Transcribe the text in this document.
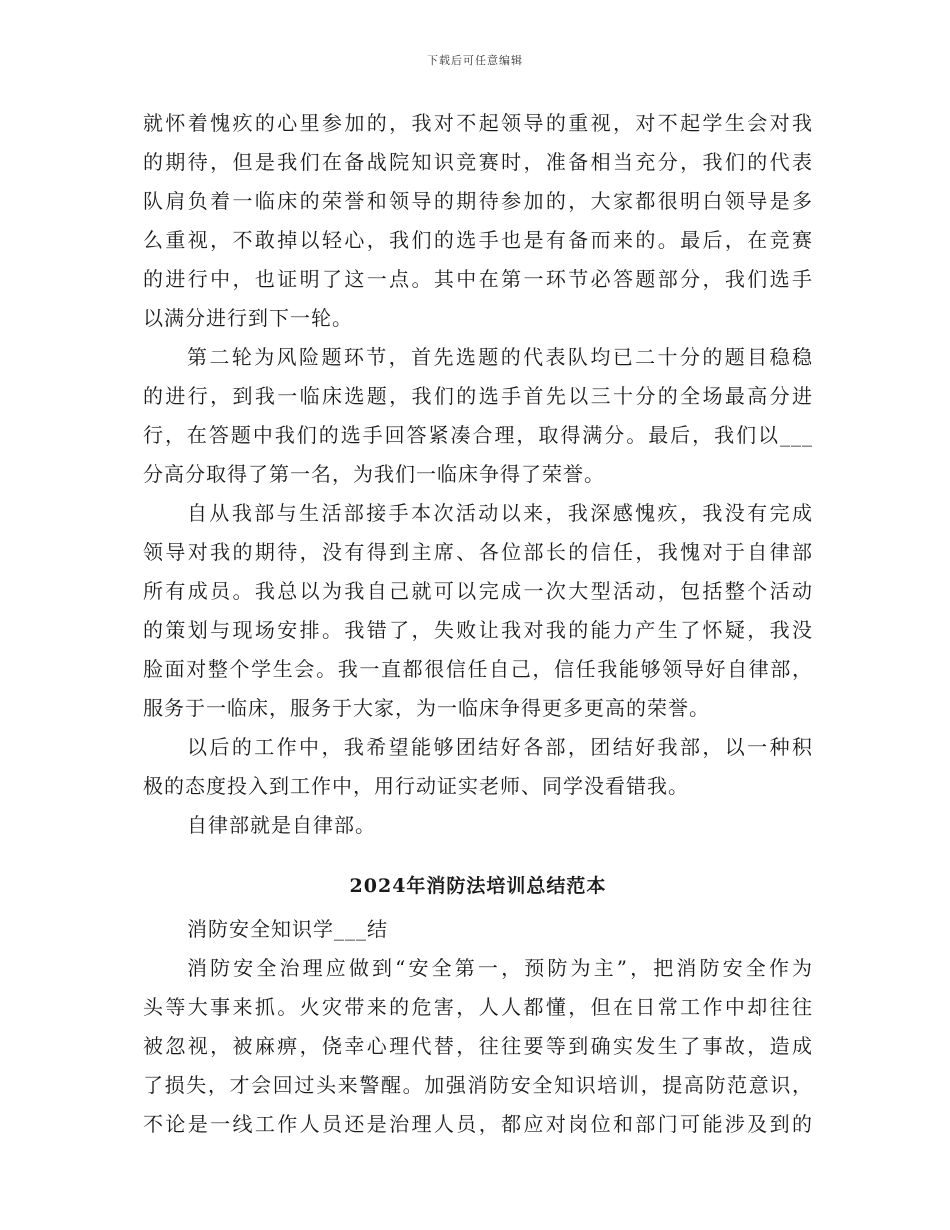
下载后可任意编辑
就怀着愧疚的心里参加的，我对不起领导的重视，对不起学生会对我
的期待，但是我们在备战院知识竞赛时，准备相当充分，我们的代表
队肩负着一临床的荣誉和领导的期待参加的，大家都很明白领导是多
么重视，不敢掉以轻心，我们的选手也是有备而来的。最后，在竞赛
的进行中，也证明了这一点。其中在第一环节必答题部分，我们选手
以满分进行到下一轮。
第二轮为风险题环节，首先选题的代表队均已二十分的题目稳稳
的进行，到我一临床选题，我们的选手首先以三十分的全场最高分进
行，在答题中我们的选手回答紧凑合理，取得满分。最后，我们以___
分高分取得了第一名，为我们一临床争得了荣誉。
自从我部与生活部接手本次活动以来，我深感愧疚，我没有完成
领导对我的期待，没有得到主席、各位部长的信任，我愧对于自律部
所有成员。我总以为我自己就可以完成一次大型活动，包括整个活动
的策划与现场安排。我错了，失败让我对我的能力产生了怀疑，我没
脸面对整个学生会。我一直都很信任自己，信任我能够领导好自律部，
服务于一临床，服务于大家，为一临床争得更多更高的荣誉。
以后的工作中，我希望能够团结好各部，团结好我部，以一种积
极的态度投入到工作中，用行动证实老师、同学没看错我。
自律部就是自律部。
2024年消防法培训总结范本
消防安全知识学___结
消防安全治理应做到“安全第一，预防为主”，把消防安全作为
头等大事来抓。火灾带来的危害，人人都懂，但在日常工作中却往往
被忽视，被麻痹，侥幸心理代替，往往要等到确实发生了事故，造成
了损失，才会回过头来警醒。加强消防安全知识培训，提高防范意识，
不论是一线工作人员还是治理人员，都应对岗位和部门可能涉及到的
